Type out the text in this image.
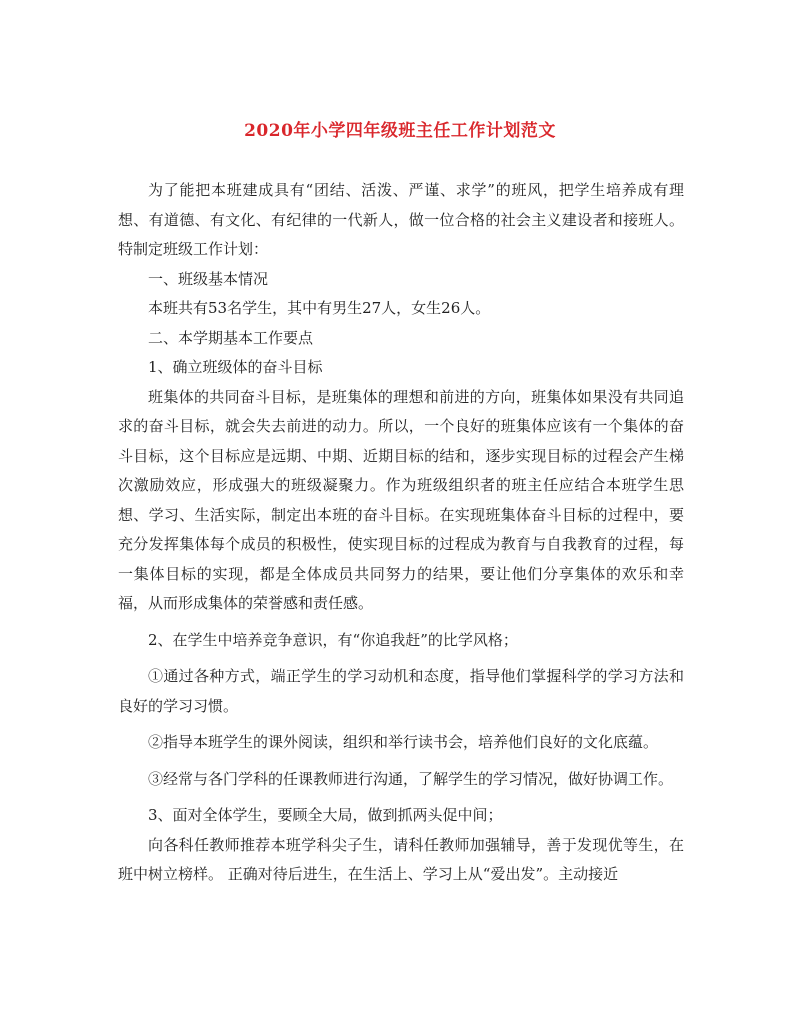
2020年小学四年级班主任工作计划范文

为了能把本班建成具有“团结、活泼、严谨、求学”的班风，把学生培养成有理想、有道德、有文化、有纪律的一代新人，做一位合格的社会主义建设者和接班人。特制定班级工作计划：

一、班级基本情况

本班共有53名学生，其中有男生27人，女生26人。

二、本学期基本工作要点

1、确立班级体的奋斗目标

班集体的共同奋斗目标，是班集体的理想和前进的方向，班集体如果没有共同追求的奋斗目标，就会失去前进的动力。所以，一个良好的班集体应该有一个集体的奋斗目标，这个目标应是远期、中期、近期目标的结和，逐步实现目标的过程会产生梯次激励效应，形成强大的班级凝聚力。作为班级组织者的班主任应结合本班学生思想、学习、生活实际，制定出本班的奋斗目标。在实现班集体奋斗目标的过程中，要充分发挥集体每个成员的积极性，使实现目标的过程成为教育与自我教育的过程，每一集体目标的实现，都是全体成员共同努力的结果，要让他们分享集体的欢乐和幸福，从而形成集体的荣誉感和责任感。

2、在学生中培养竞争意识，有“你追我赶”的比学风格；

①通过各种方式，端正学生的学习动机和态度，指导他们掌握科学的学习方法和良好的学习习惯。

②指导本班学生的课外阅读，组织和举行读书会，培养他们良好的文化底蕴。

③经常与各门学科的任课教师进行沟通，了解学生的学习情况，做好协调工作。

3、面对全体学生，要顾全大局，做到抓两头促中间；

向各科任教师推荐本班学科尖子生，请科任教师加强辅导，善于发现优等生，在班中树立榜样。 正确对待后进生，在生活上、学习上从“爱出发”。主动接近
